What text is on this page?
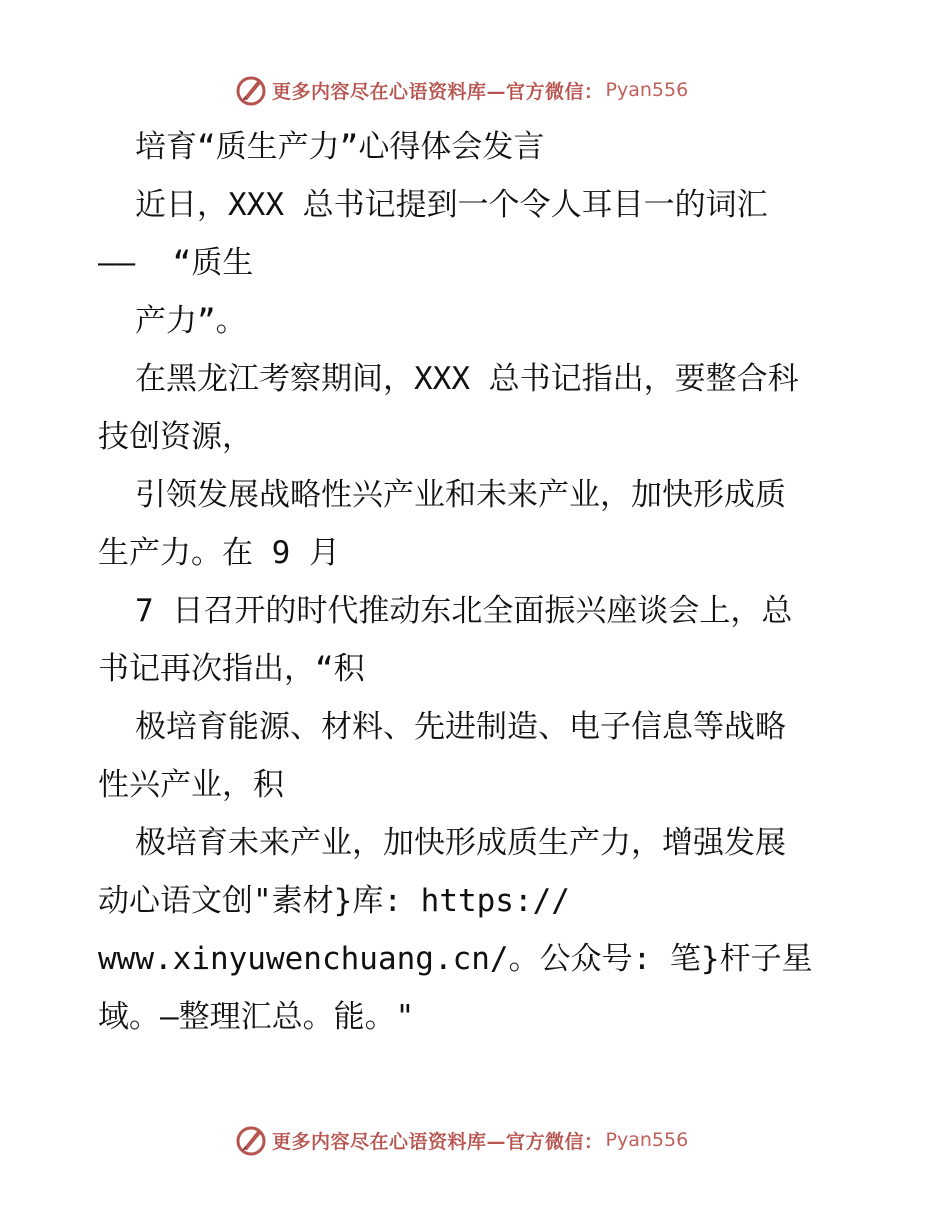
更多内容尽在心语资料库—官方微信： Pyan556
培育“质生产力”心得体会发言
近日，XXX 总书记提到一个令人耳目一的词汇
——  “质生
产力”。
在黑龙江考察期间，XXX 总书记指出，要整合科
技创资源，
引领发展战略性兴产业和未来产业，加快形成质
生产力。在 9 月
7 日召开的时代推动东北全面振兴座谈会上，总
书记再次指出，“积
极培育能源、材料、先进制造、电子信息等战略
性兴产业，积
极培育未来产业，加快形成质生产力，增强发展
动心语文创"素材}库: https://
www.xinyuwenchuang.cn/。公众号: 笔}杆子星
域。—整理汇总。能。"
更多内容尽在心语资料库—官方微信： Pyan556
